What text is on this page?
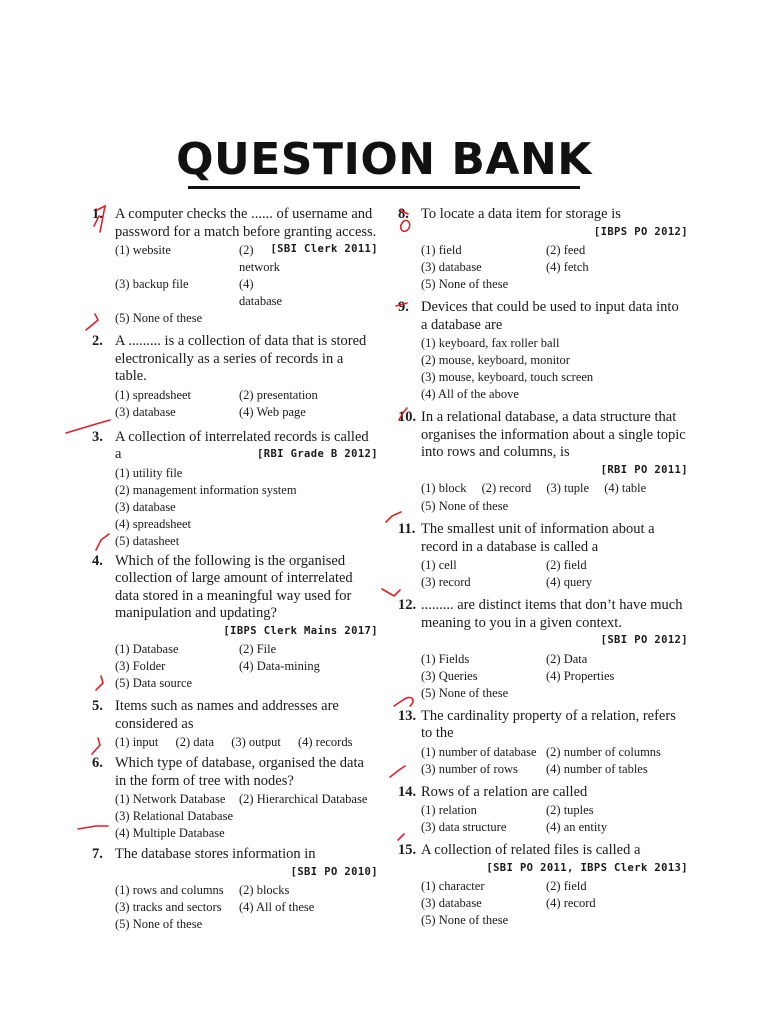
QUESTION BANK
1. A computer checks the ...... of username and password for a match before granting access.
[SBI Clerk 2011]
(1) website	(2) network
(3) backup file	(4) database
(5) None of these
2. A ......... is a collection of data that is stored electronically as a series of records in a table.
(1) spreadsheet	(2) presentation
(3) database	(4) Web page
3. A collection of interrelated records is called a	[RBI Grade B 2012]
(1) utility file
(2) management information system
(3) database
(4) spreadsheet
(5) datasheet
4. Which of the following is the organised collection of large amount of interrelated data stored in a meaningful way used for manipulation and updating?
[IBPS Clerk Mains 2017]
(1) Database	(2) File
(3) Folder	(4) Data-mining
(5) Data source
5. Items such as names and addresses are considered as
(1) input (2) data (3) output (4) records
6. Which type of database, organised the data in the form of tree with nodes?
(1) Network Database	(2) Hierarchical Database
(3) Relational Database
(4) Multiple Database
7. The database stores information in
[SBI PO 2010]
(1) rows and columns	(2) blocks
(3) tracks and sectors	(4) All of these
(5) None of these
8. To locate a data item for storage is
[IBPS PO 2012]
(1) field	(2) feed
(3) database	(4) fetch
(5) None of these
9. Devices that could be used to input data into a database are
(1) keyboard, fax roller ball
(2) mouse, keyboard, monitor
(3) mouse, keyboard, touch screen
(4) All of the above
10. In a relational database, a data structure that organises the information about a single topic into rows and columns, is
[RBI PO 2011]
(1) block (2) record (3) tuple (4) table
(5) None of these
11. The smallest unit of information about a record in a database is called a
(1) cell	(2) field
(3) record	(4) query
12. ......... are distinct items that don’t have much meaning to you in a given context.
[SBI PO 2012]
(1) Fields	(2) Data
(3) Queries	(4) Properties
(5) None of these
13. The cardinality property of a relation, refers to the
(1) number of database (2) number of columns
(3) number of rows	(4) number of tables
14. Rows of a relation are called
(1) relation	(2) tuples
(3) data structure	(4) an entity
15. A collection of related files is called a
[SBI PO 2011, IBPS Clerk 2013]
(1) character	(2) field
(3) database	(4) record
(5) None of these
